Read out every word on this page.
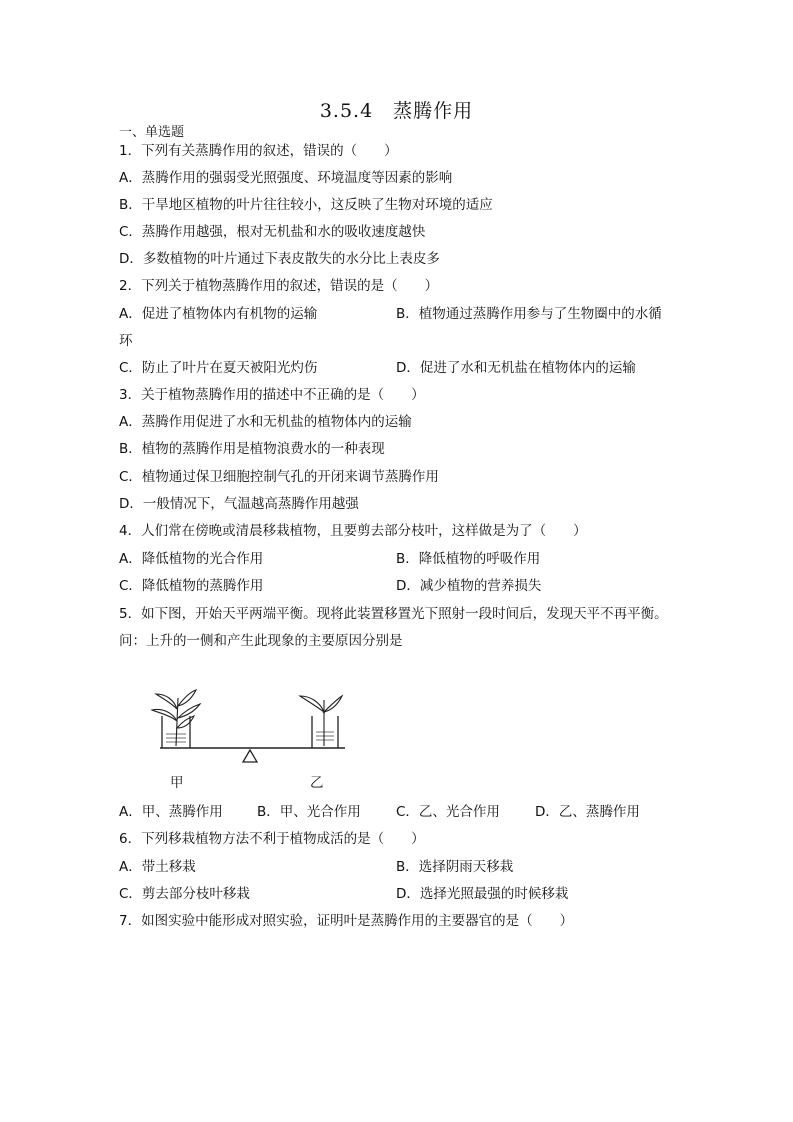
3.5.4　蒸腾作用
一、单选题
1．下列有关蒸腾作用的叙述，错误的（　　）
A．蒸腾作用的强弱受光照强度、环境温度等因素的影响
B．干旱地区植物的叶片往往较小，这反映了生物对环境的适应
C．蒸腾作用越强，根对无机盐和水的吸收速度越快
D．多数植物的叶片通过下表皮散失的水分比上表皮多
2．下列关于植物蒸腾作用的叙述，错误的是（　　）
A．促进了植物体内有机物的运输	B．植物通过蒸腾作用参与了生物圈中的水循
环
C．防止了叶片在夏天被阳光灼伤	D．促进了水和无机盐在植物体内的运输
3．关于植物蒸腾作用的描述中不正确的是（　　）
A．蒸腾作用促进了水和无机盐的植物体内的运输
B．植物的蒸腾作用是植物浪费水的一种表现
C．植物通过保卫细胞控制气孔的开闭来调节蒸腾作用
D．一般情况下，气温越高蒸腾作用越强
4．人们常在傍晚或清晨移栽植物，且要剪去部分枝叶，这样做是为了（　　）
A．降低植物的光合作用	B．降低植物的呼吸作用
C．降低植物的蒸腾作用	D．减少植物的营养损失
5．如下图，开始天平两端平衡。现将此装置移置光下照射一段时间后，发现天平不再平衡。
问：上升的一侧和产生此现象的主要原因分别是
甲	乙
A．甲、蒸腾作用	B．甲、光合作用	C．乙、光合作用	D．乙、蒸腾作用
6．下列移栽植物方法不利于植物成活的是（　　）
A．带土移栽	B．选择阴雨天移栽
C．剪去部分枝叶移栽	D．选择光照最强的时候移栽
7．如图实验中能形成对照实验，证明叶是蒸腾作用的主要器官的是（　　）
